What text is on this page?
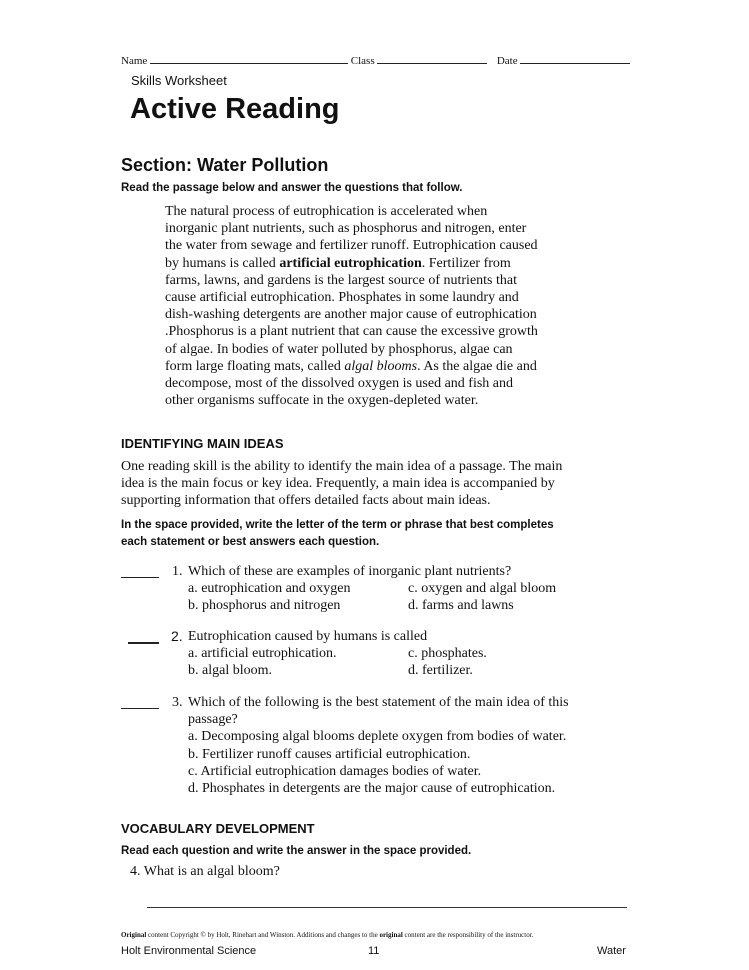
Name	Class	Date
Skills Worksheet
Active Reading
Section: Water Pollution
Read the passage below and answer the questions that follow.
The natural process of eutrophication is accelerated when
inorganic plant nutrients, such as phosphorus and nitrogen, enter
the water from sewage and fertilizer runoff. Eutrophication caused
by humans is called artificial eutrophication. Fertilizer from
farms, lawns, and gardens is the largest source of nutrients that
cause artificial eutrophication. Phosphates in some laundry and
dish-washing detergents are another major cause of eutrophication
.Phosphorus is a plant nutrient that can cause the excessive growth
of algae. In bodies of water polluted by phosphorus, algae can
form large floating mats, called algal blooms. As the algae die and
decompose, most of the dissolved oxygen is used and fish and
other organisms suffocate in the oxygen-depleted water.
IDENTIFYING MAIN IDEAS
One reading skill is the ability to identify the main idea of a passage. The main
idea is the main focus or key idea. Frequently, a main idea is accompanied by
supporting information that offers detailed facts about main ideas.
In the space provided, write the letter of the term or phrase that best completes
each statement or best answers each question.
1. Which of these are examples of inorganic plant nutrients?
a. eutrophication and oxygen	c. oxygen and algal bloom
b. phosphorus and nitrogen	d. farms and lawns
2. Eutrophication caused by humans is called
a. artificial eutrophication.	c. phosphates.
b. algal bloom.	d. fertilizer.
3. Which of the following is the best statement of the main idea of this
passage?
a. Decomposing algal blooms deplete oxygen from bodies of water.
b. Fertilizer runoff causes artificial eutrophication.
c. Artificial eutrophication damages bodies of water.
d. Phosphates in detergents are the major cause of eutrophication.
VOCABULARY DEVELOPMENT
Read each question and write the answer in the space provided.
4. What is an algal bloom?
Original content Copyright © by Holt, Rinehart and Winston. Additions and changes to the original content are the responsibility of the instructor.
Holt Environmental Science	11	Water
